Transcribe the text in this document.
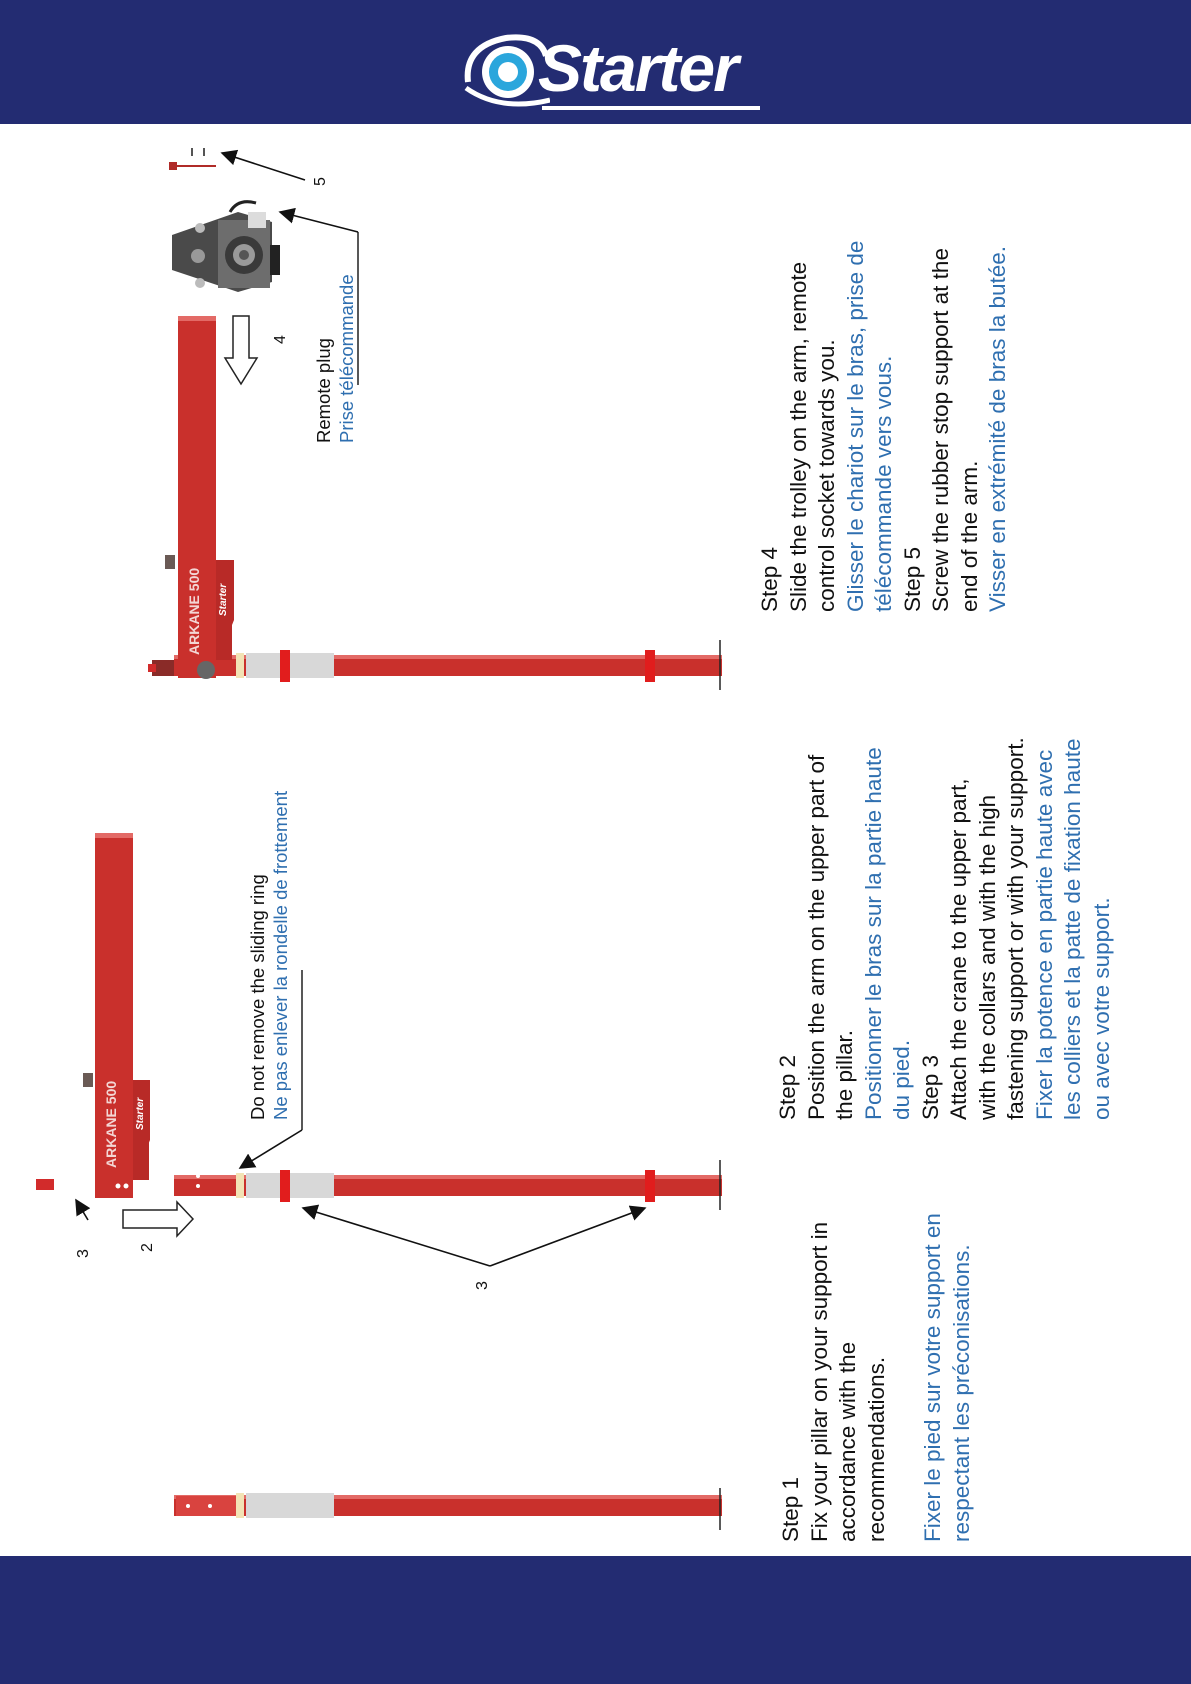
Starter
ARKANE 500
ARKANE 500
Starter
Starter
3
2
3
4
5
Do not remove the sliding ring Ne pas enlever la rondelle de frottement
Remote plug Prise télécommande
Step 1 Fix your pillar on your support in accordance with the recommendations. Fixer le pied sur votre support en respectant les préconisations.
Step 2 Position the arm on the upper part of the pillar. Positionner le bras sur la partie haute du pied. Step 3 Attach the crane to the upper part, with the collars and with the high fastening support or with your support. Fixer la potence en partie haute avec les colliers et la patte de fixation haute ou avec votre support.
Step 4 Slide the trolley on the arm, remote control socket towards you. Glisser le chariot sur le bras, prise de télécommande vers vous. Step 5 Screw the rubber stop support at the end of the arm. Visser en extrémité de bras la butée.
